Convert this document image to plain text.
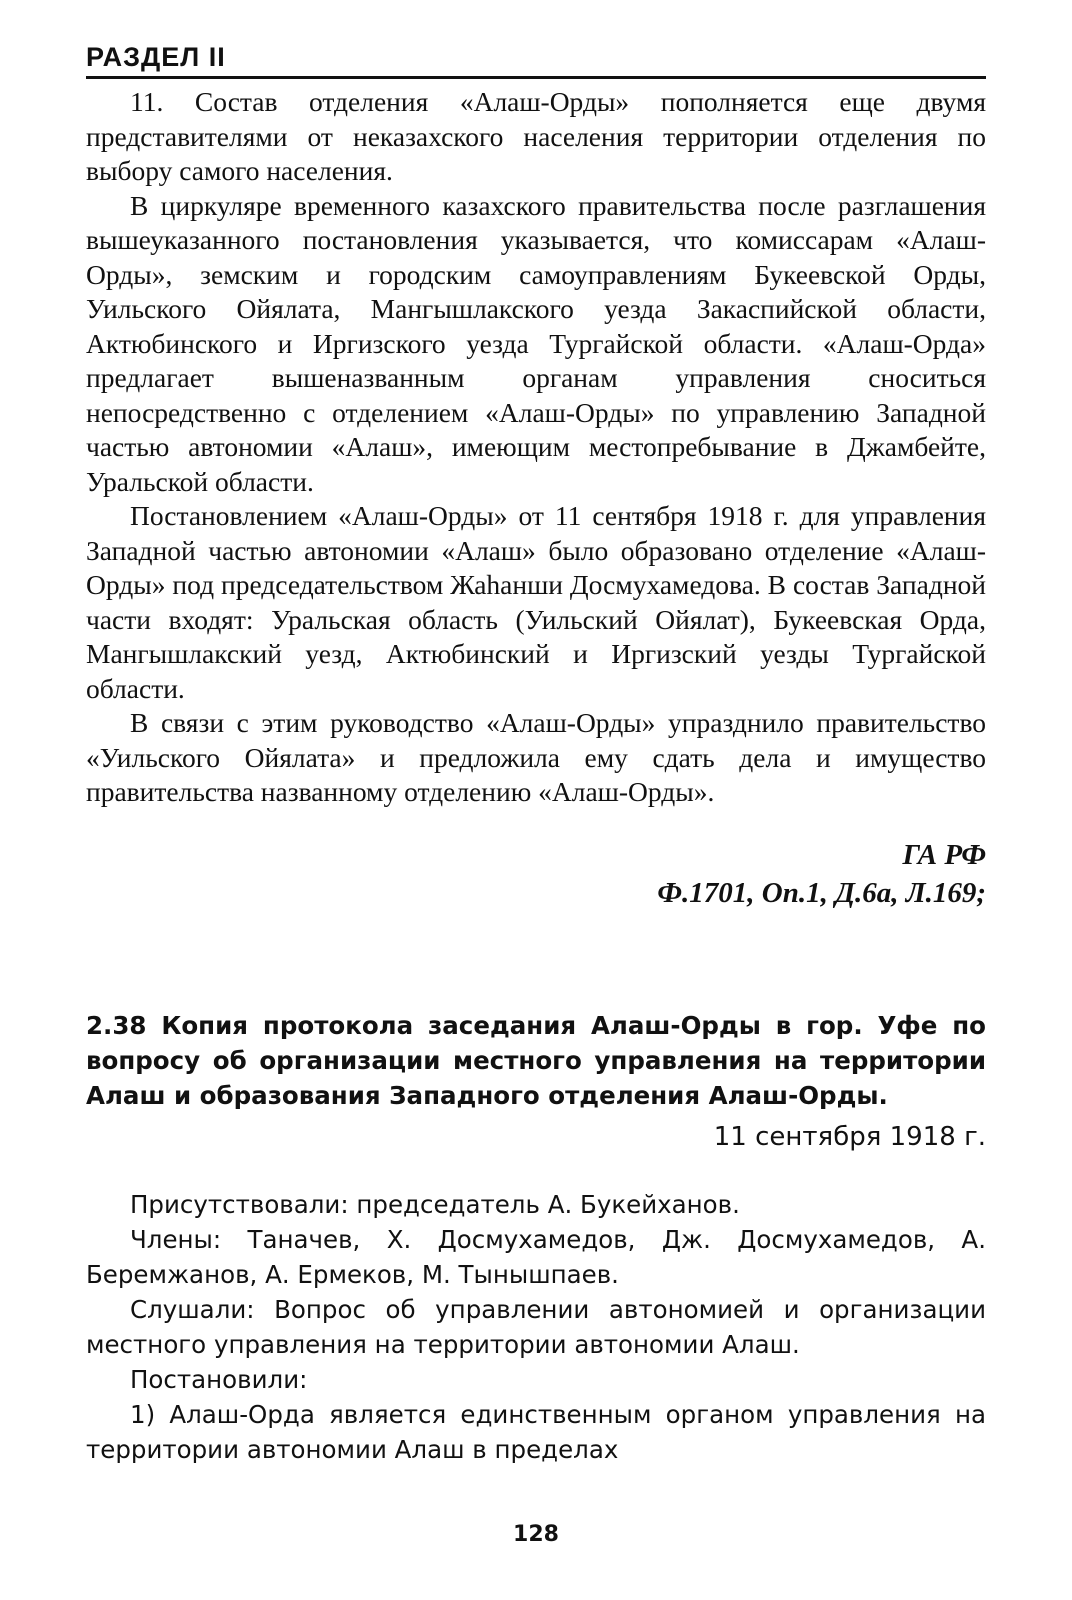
РАЗДЕЛ II

11. Состав отделения «Алаш-Орды» пополняется еще двумя представителями от неказахского населения территории отделения по выбору самого населения.

В циркуляре временного казахского правительства после разглашения вышеуказанного постановления указывается, что комиссарам «Алаш-Орды», земским и городским самоуправлениям Букеевской Орды, Уильского Ойялата, Мангышлакского уезда Закаспийской области, Актюбинского и Иргизского уезда Тургайской области. «Алаш-Орда» предлагает вышеназванным органам управления сноситься непосредственно с отделением «Алаш-Орды» по управлению Западной частью автономии «Алаш», имеющим местопребывание в Джамбейте, Уральской области.

Постановлением «Алаш-Орды» от 11 сентября 1918 г. для управления Западной частью автономии «Алаш» было образовано отделение «Алаш-Орды» под председательством Жаһанши Досмухамедова. В состав Западной части входят: Уральская область (Уильский Ойялат), Букеевская Орда, Мангышлакский уезд, Актюбинский и Иргизский уезды Тургайской области.

В связи с этим руководство «Алаш-Орды» упразднило правительство «Уильского Ойялата» и предложила ему сдать дела и имущество правительства названному отделению «Алаш-Орды».

ГА РФ
Ф.1701, Оп.1, Д.6а, Л.169;
2.38 Копия протокола заседания Алаш-Орды в гор. Уфе по вопросу об организации местного управления на территории Алаш и образования Западного отделения Алаш-Орды.
11 сентября 1918 г.

Присутствовали: председатель А. Букейханов.

Члены: Таначев, Х. Досмухамедов, Дж. Досмухамедов, А. Беремжанов, А. Ермеков, М. Тынышпаев.

Слушали: Вопрос об управлении автономией и организации местного управления на территории автономии Алаш.

Постановили:

1) Алаш-Орда является единственным органом управления на территории автономии Алаш в пределах

128
